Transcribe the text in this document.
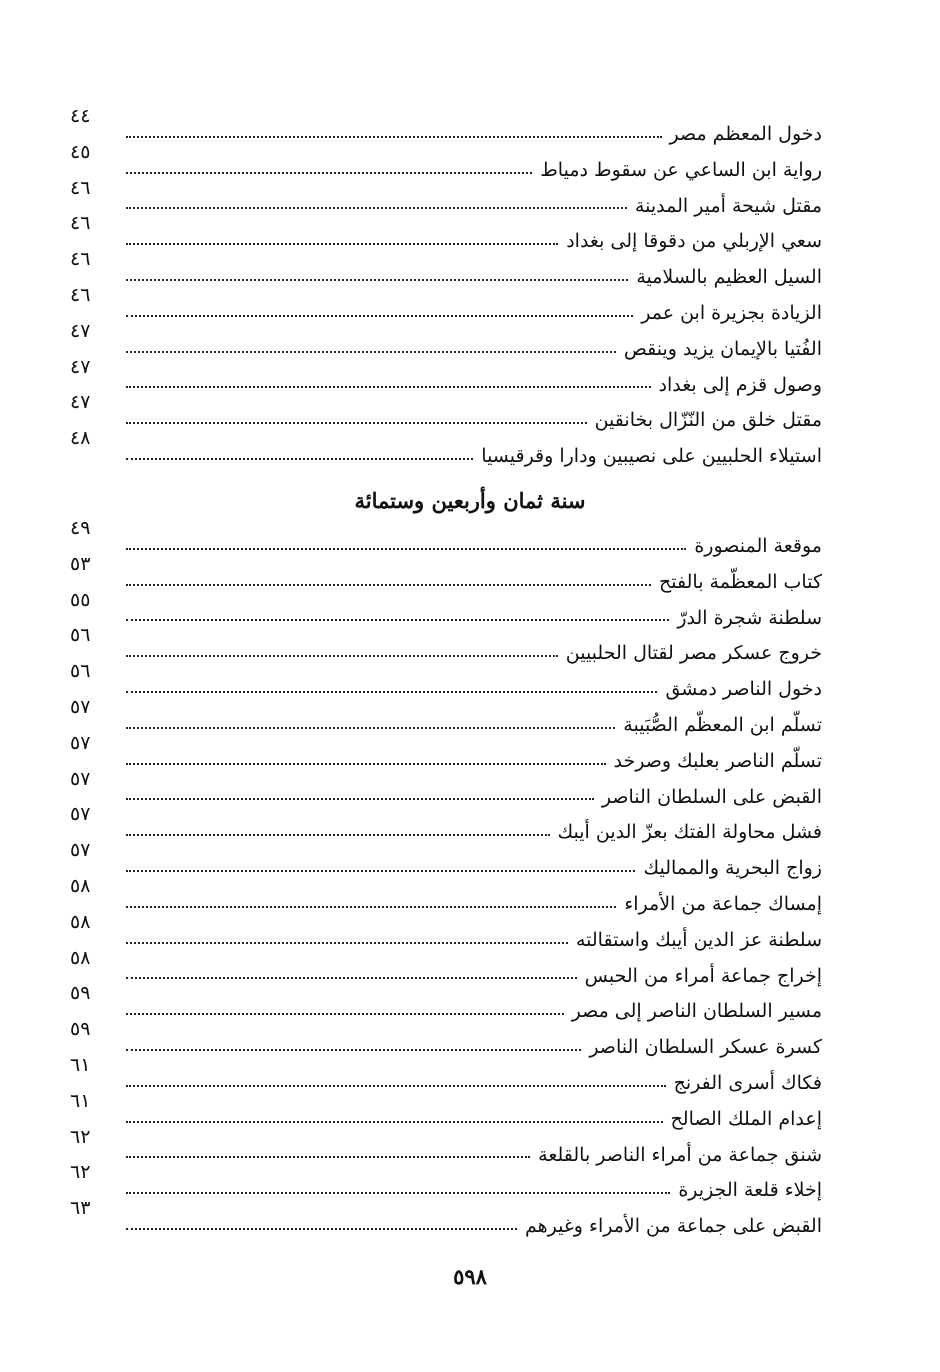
دخول المعظم مصر
٤٤
رواية ابن الساعي عن سقوط دمياط
٤٥
مقتل شيحة أمير المدينة
٤٦
سعي الإربلي من دقوقا إلى بغداد
٤٦
السيل العظيم بالسلامية
٤٦
الزيادة بجزيرة ابن عمر
٤٦
الفُتيا بالإيمان يزيد وينقص
٤٧
وصول قزم إلى بغداد
٤٧
مقتل خلق من النّزّال بخانقين
٤٧
استيلاء الحلبيين على نصيبين ودارا وقرقيسيا
٤٨
سنة ثمان وأربعين وستمائة
موقعة المنصورة
٤٩
كتاب المعظّمة بالفتح
٥٣
سلطنة شجرة الدرّ
٥٥
خروج عسكر مصر لقتال الحلبيين
٥٦
دخول الناصر دمشق
٥٦
تسلّم ابن المعظّم الصُّبَيبة
٥٧
تسلّم الناصر بعلبك وصرخد
٥٧
القبض على السلطان الناصر
٥٧
فشل محاولة الفتك بعزّ الدين أيبك
٥٧
زواج البحرية والمماليك
٥٧
إمساك جماعة من الأمراء
٥٨
سلطنة عز الدين أيبك واستقالته
٥٨
إخراج جماعة أمراء من الحبس
٥٨
مسير السلطان الناصر إلى مصر
٥٩
كسرة عسكر السلطان الناصر
٥٩
فكاك أسرى الفرنج
٦١
إعدام الملك الصالح
٦١
شنق جماعة من أمراء الناصر بالقلعة
٦٢
إخلاء قلعة الجزيرة
٦٢
القبض على جماعة من الأمراء وغيرهم
٦٣
٥٩٨
